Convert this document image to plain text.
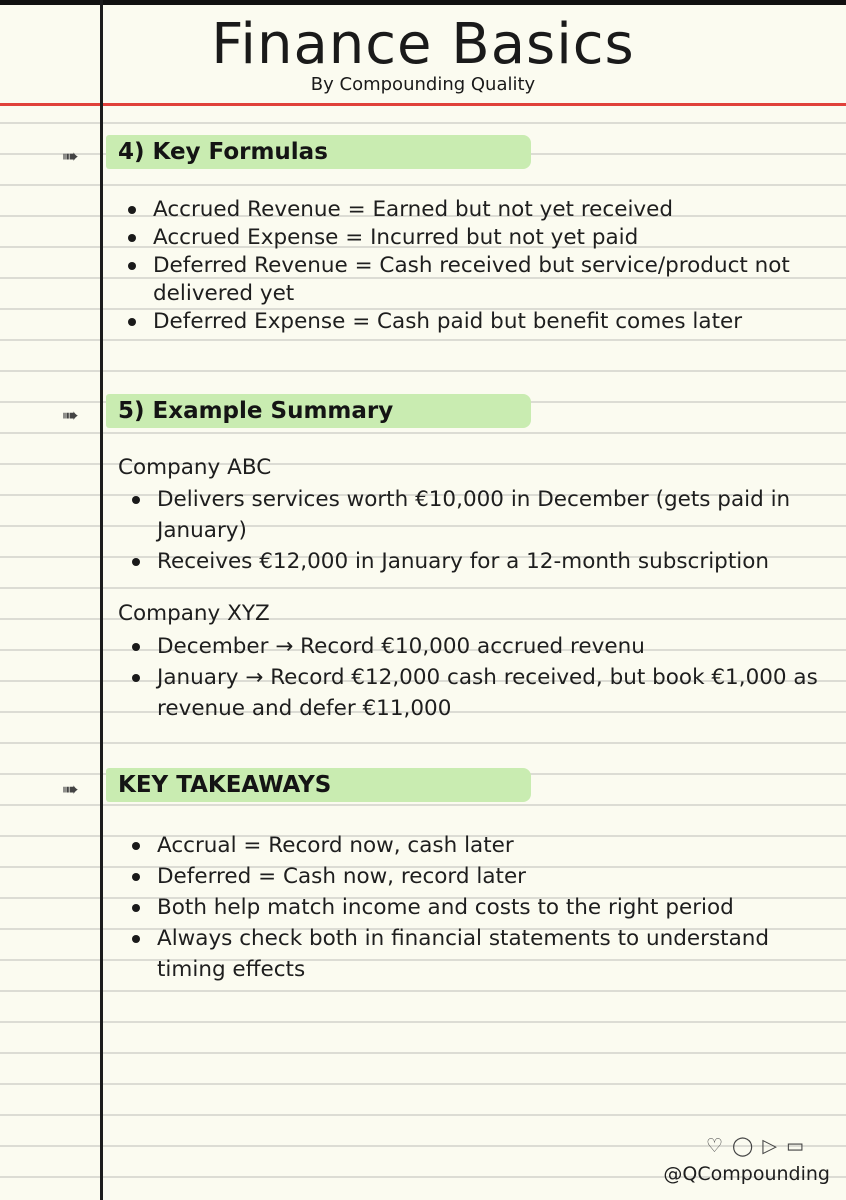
Finance Basics
By Compounding Quality
➠ 4) Key Formulas
Accrued Revenue = Earned but not yet received
Accrued Expense = Incurred but not yet paid
Deferred Revenue = Cash received but service/product not delivered yet
Deferred Expense = Cash paid but benefit comes later
➠ 5) Example Summary
Company ABC
Delivers services worth €10,000 in December (gets paid in January)
Receives €12,000 in January for a 12-month subscription
Company XYZ
December → Record €10,000 accrued revenu
January → Record €12,000 cash received, but book €1,000 as revenue and defer €11,000
➠ KEY TAKEAWAYS
Accrual = Record now, cash later
Deferred = Cash now, record later
Both help match income and costs to the right period
Always check both in financial statements to understand timing effects
♡ ◯ ▷ ▭
@QCompounding
